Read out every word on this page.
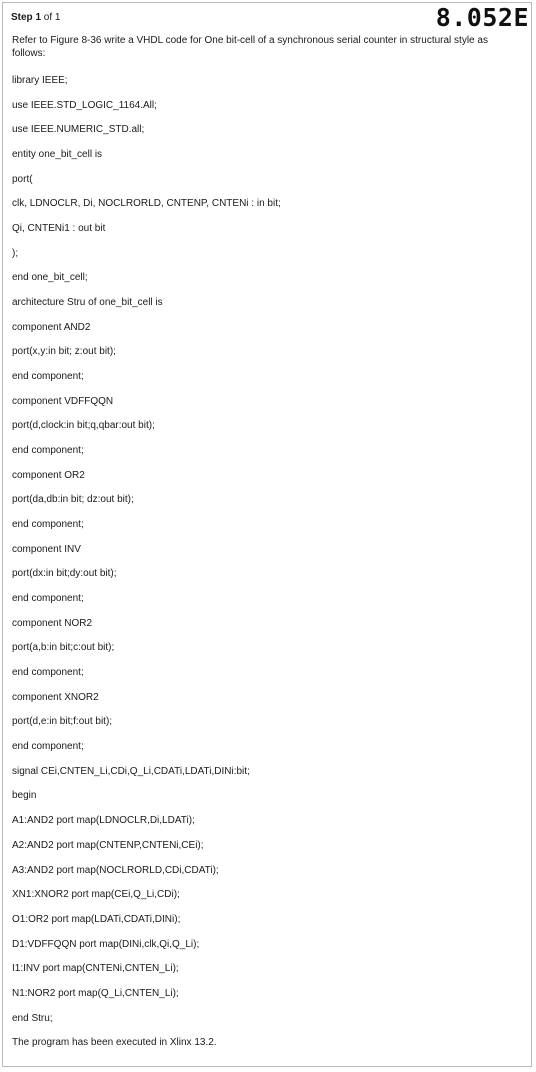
Step 1 of 1	8.052E
Refer to Figure 8-36 write a VHDL code for One bit-cell of a synchronous serial counter in structural style as follows:
library IEEE;
use IEEE.STD_LOGIC_1164.All;
use IEEE.NUMERIC_STD.all;
entity one_bit_cell is
port(
clk, LDNOCLR, Di, NOCLRORLD, CNTENP, CNTENi : in bit;
Qi, CNTENi1 : out bit
);
end one_bit_cell;
architecture Stru of one_bit_cell is
component AND2
port(x,y:in bit; z:out bit);
end component;
component VDFFQQN
port(d,clock:in bit;q,qbar:out bit);
end component;
component OR2
port(da,db:in bit; dz:out bit);
end component;
component INV
port(dx:in bit;dy:out bit);
end component;
component NOR2
port(a,b:in bit;c:out bit);
end component;
component XNOR2
port(d,e:in bit;f:out bit);
end component;
signal CEi,CNTEN_Li,CDi,Q_Li,CDATi,LDATi,DINi:bit;
begin
A1:AND2 port map(LDNOCLR,Di,LDATi);
A2:AND2 port map(CNTENP,CNTENi,CEi);
A3:AND2 port map(NOCLRORLD,CDi,CDATi);
XN1:XNOR2 port map(CEi,Q_Li,CDi);
O1:OR2 port map(LDATi,CDATi,DINi);
D1:VDFFQQN port map(DINi,clk,Qi,Q_Li);
I1:INV port map(CNTENi,CNTEN_Li);
N1:NOR2 port map(Q_Li,CNTEN_Li);
end Stru;
The program has been executed in Xlinx 13.2.
